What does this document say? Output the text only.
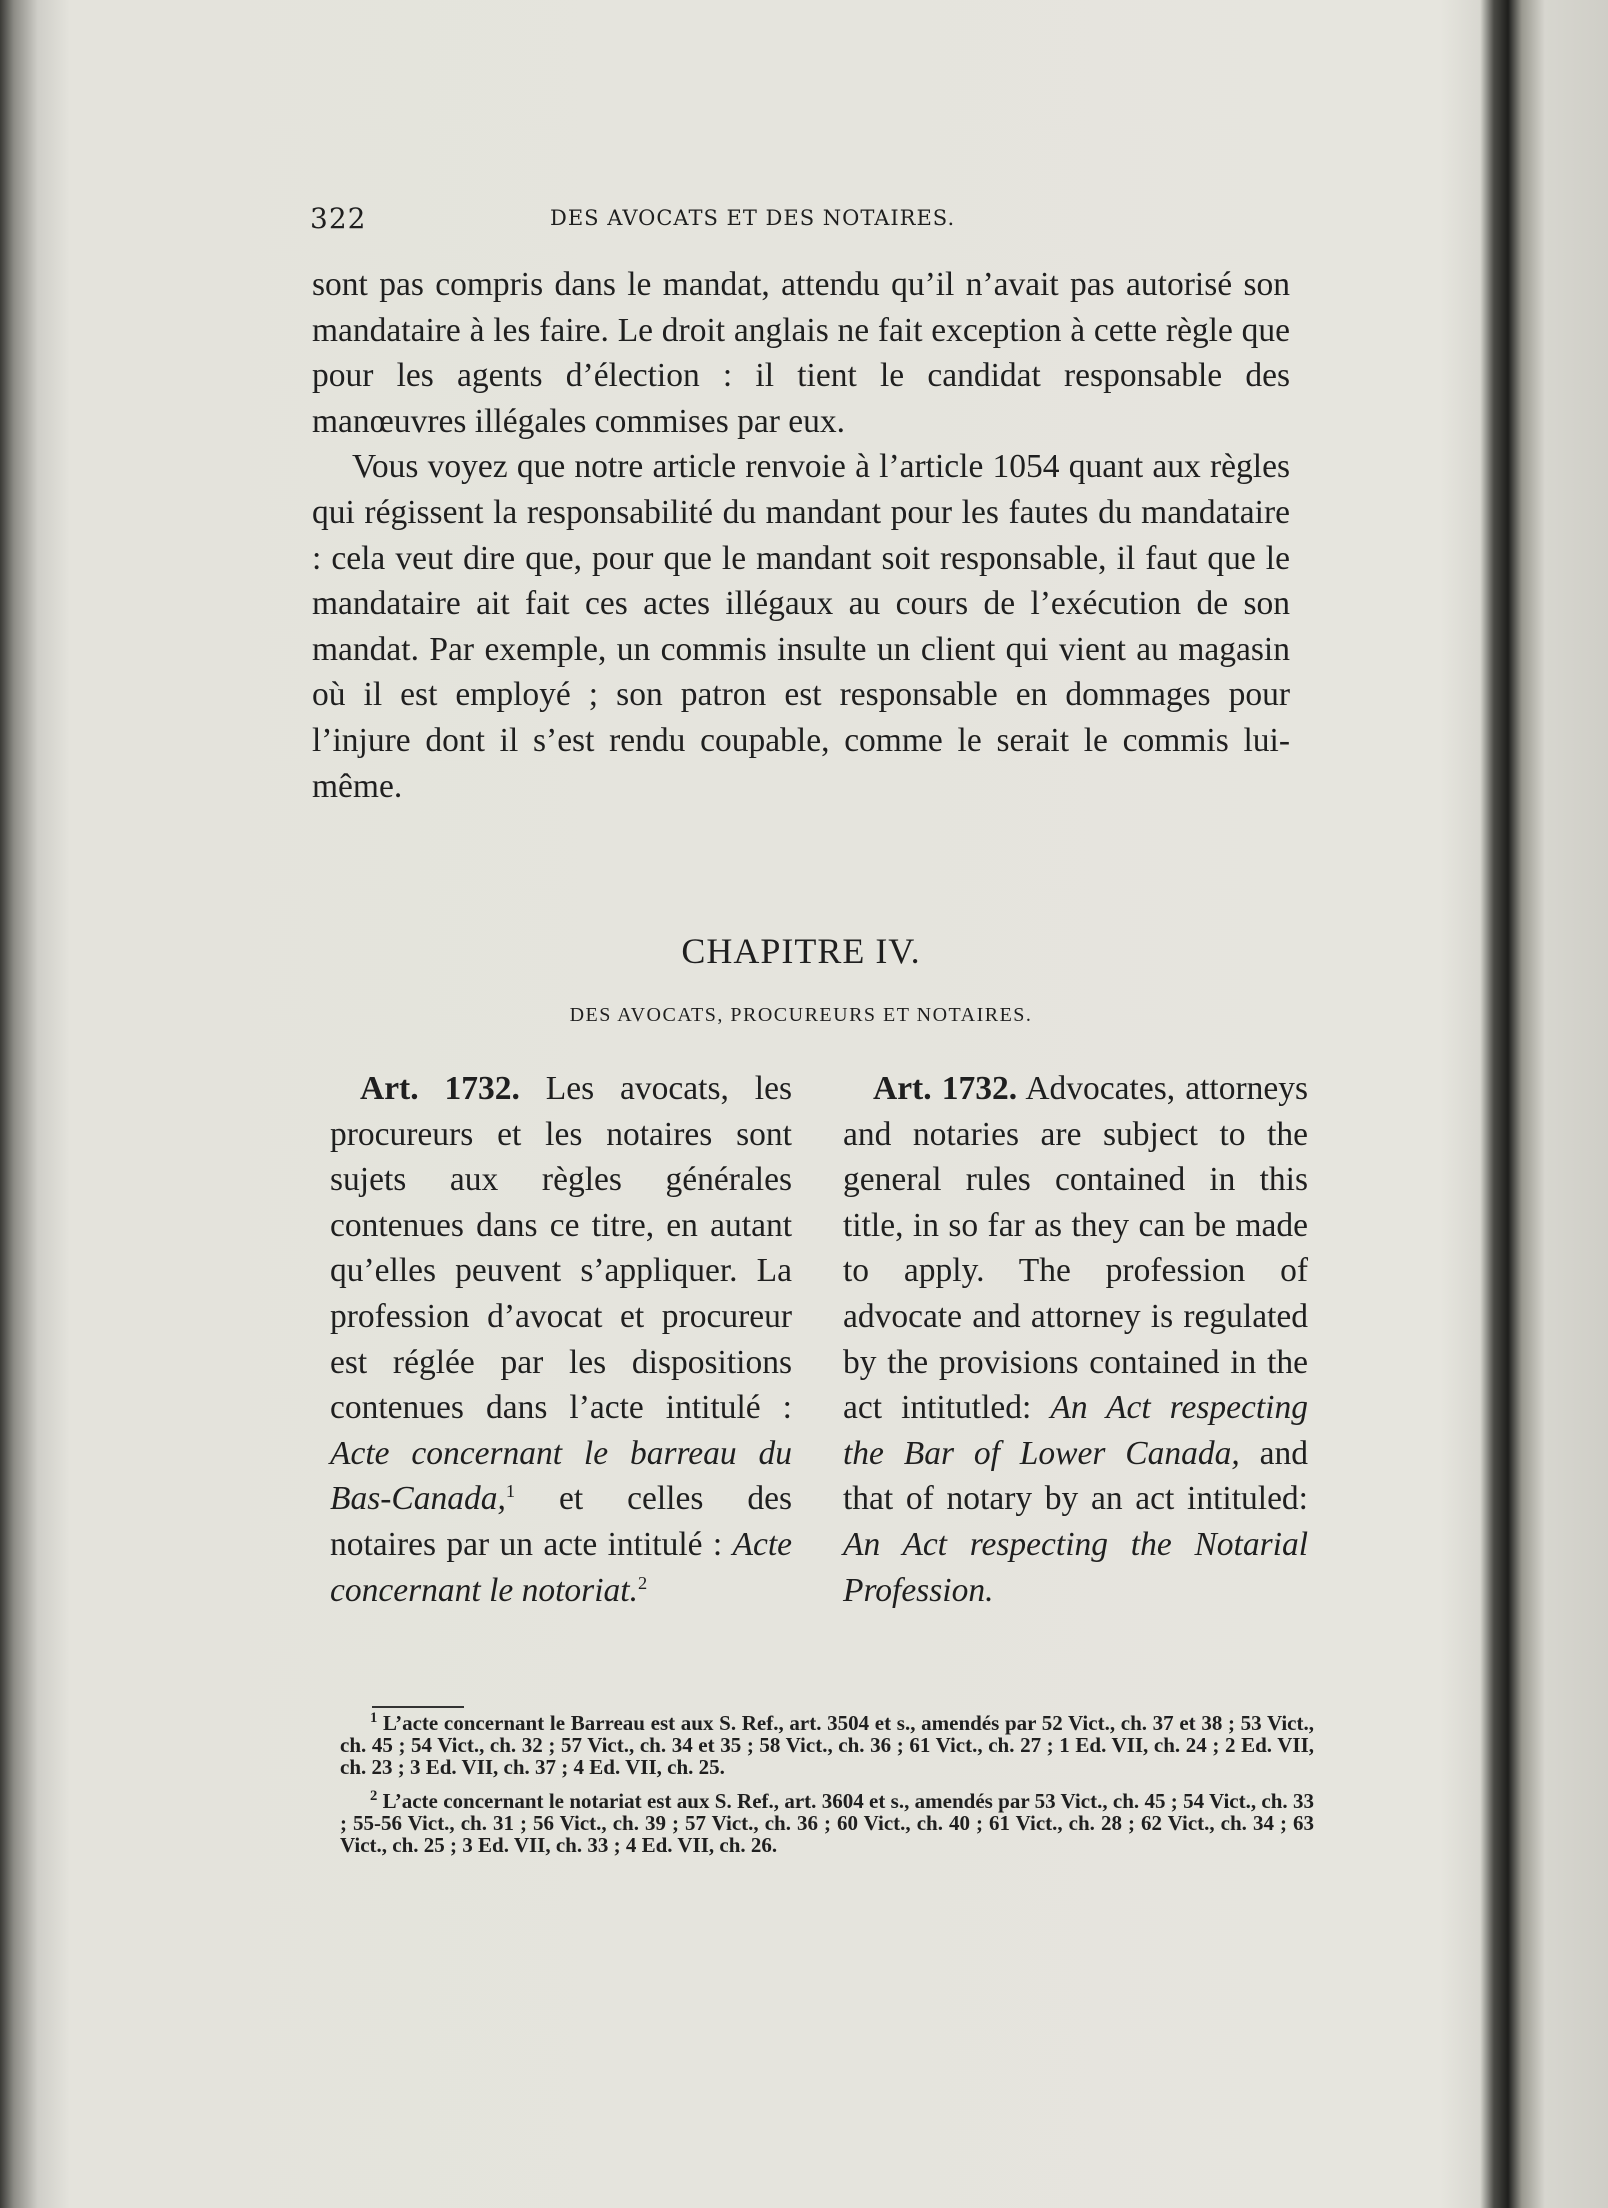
322	DES AVOCATS ET DES NOTAIRES.

sont pas compris dans le mandat, attendu qu’il n’avait pas autorisé son mandataire à les faire. Le droit anglais ne fait exception à cette règle que pour les agents d’élection : il tient le candidat responsable des manœuvres illégales commises par eux.

Vous voyez que notre article renvoie à l’article 1054 quant aux règles qui régissent la responsabilité du mandant pour les fautes du mandataire : cela veut dire que, pour que le mandant soit responsable, il faut que le mandataire ait fait ces actes illégaux au cours de l’exécution de son mandat. Par exemple, un commis insulte un client qui vient au magasin où il est employé ; son patron est responsable en dommages pour l’injure dont il s’est rendu coupable, comme le serait le commis lui-même.

CHAPITRE IV.
DES AVOCATS, PROCUREURS ET NOTAIRES.

Art. 1732. Les avocats, les procureurs et les notaires sont sujets aux règles générales contenues dans ce titre, en autant qu’elles peuvent s’appliquer. La profession d’avocat et procureur est réglée par les dispositions contenues dans l’acte intitulé : Acte concernant le barreau du Bas-Canada,$^1$ et celles des notaires par un acte intitulé : Acte concernant le notoriat.$^2$

Art. 1732. Advocates, attorneys and notaries are subject to the general rules contained in this title, in so far as they can be made to apply. The profession of advocate and attorney is regulated by the provisions contained in the act intitutled: An Act respecting the Bar of Lower Canada, and that of notary by an act intituled: An Act respecting the Notarial Profession.

$^1$ L’acte concernant le Barreau est aux S. Ref., art. 3504 et s., amendés par 52 Vict., ch. 37 et 38 ; 53 Vict., ch. 45 ; 54 Vict., ch. 32 ; 57 Vict., ch. 34 et 35 ; 58 Vict., ch. 36 ; 61 Vict., ch. 27 ; 1 Ed. VII, ch. 24 ; 2 Ed. VII, ch. 23 ; 3 Ed. VII, ch. 37 ; 4 Ed. VII, ch. 25.

$^2$ L’acte concernant le notariat est aux S. Ref., art. 3604 et s., amendés par 53 Vict., ch. 45 ; 54 Vict., ch. 33 ; 55-56 Vict., ch. 31 ; 56 Vict., ch. 39 ; 57 Vict., ch. 36 ; 60 Vict., ch. 40 ; 61 Vict., ch. 28 ; 62 Vict., ch. 34 ; 63 Vict., ch. 25 ; 3 Ed. VII, ch. 33 ; 4 Ed. VII, ch. 26.
